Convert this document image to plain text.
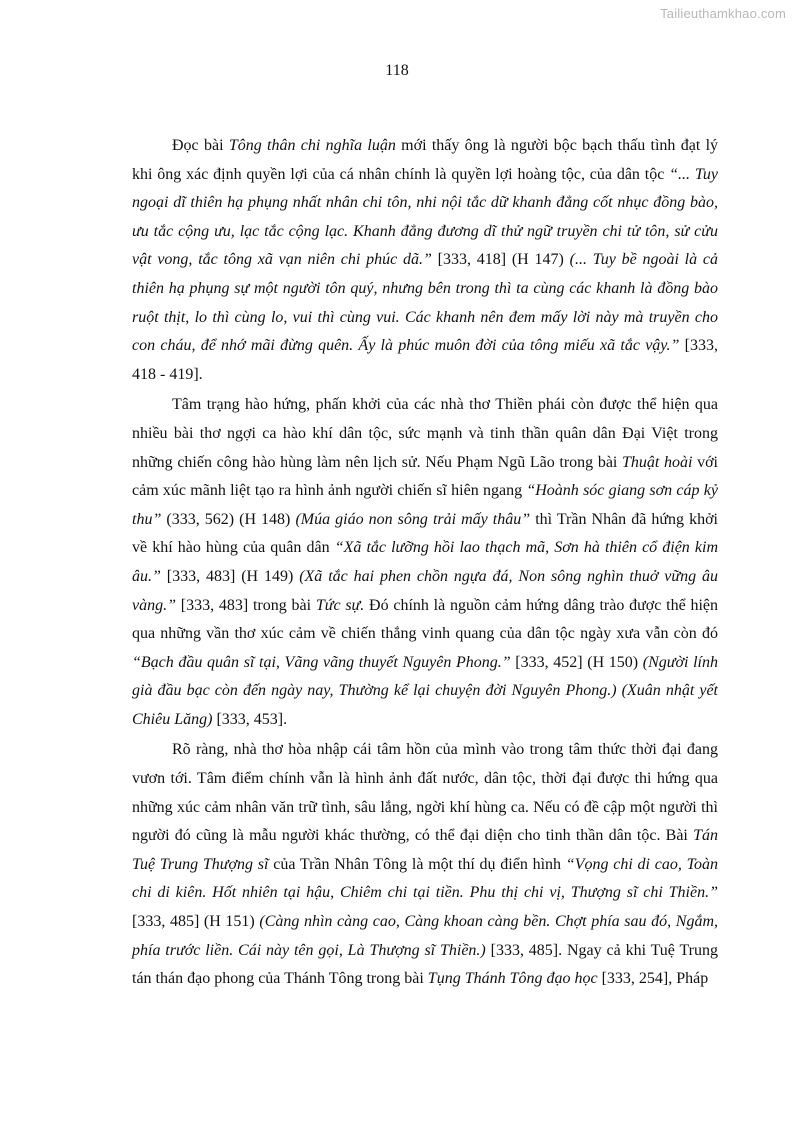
Tailieuthamkhao.com
118

Đọc bài Tông thân chi nghĩa luận mới thấy ông là người bộc bạch thấu tình đạt lý khi ông xác định quyền lợi của cá nhân chính là quyền lợi hoàng tộc, của dân tộc “... Tuy ngoại dĩ thiên hạ phụng nhất nhân chi tôn, nhi nội tắc dữ khanh đẳng cốt nhục đồng bào, ưu tắc cộng ưu, lạc tắc cộng lạc. Khanh đẳng đương dĩ thử ngữ truyền chi tử tôn, sử cửu vật vong, tắc tông xã vạn niên chi phúc dã.” [333, 418] (H 147) (... Tuy bề ngoài là cả thiên hạ phụng sự một người tôn quý, nhưng bên trong thì ta cùng các khanh là đồng bào ruột thịt, lo thì cùng lo, vui thì cùng vui. Các khanh nên đem mấy lời này mà truyền cho con cháu, để nhớ mãi đừng quên. Ấy là phúc muôn đời của tông miếu xã tắc vậy.” [333, 418 - 419].

Tâm trạng hào hứng, phấn khởi của các nhà thơ Thiền phái còn được thể hiện qua nhiều bài thơ ngợi ca hào khí dân tộc, sức mạnh và tinh thần quân dân Đại Việt trong những chiến công hào hùng làm nên lịch sử. Nếu Phạm Ngũ Lão trong bài Thuật hoài với cảm xúc mãnh liệt tạo ra hình ảnh người chiến sĩ hiên ngang “Hoành sóc giang sơn cáp kỷ thu” (333, 562) (H 148) (Múa giáo non sông trải mấy thâu” thì Trần Nhân đã hứng khởi về khí hào hùng của quân dân “Xã tắc lưỡng hồi lao thạch mã, Sơn hà thiên cổ điện kim âu.” [333, 483] (H 149) (Xã tắc hai phen chồn ngựa đá, Non sông nghìn thuở vững âu vàng.” [333, 483] trong bài Tức sự. Đó chính là nguồn cảm hứng dâng trào được thể hiện qua những vần thơ xúc cảm về chiến thắng vinh quang của dân tộc ngày xưa vẫn còn đó “Bạch đầu quân sĩ tại, Vãng vãng thuyết Nguyên Phong.” [333, 452] (H 150) (Người lính già đầu bạc còn đến ngày nay, Thường kể lại chuyện đời Nguyên Phong.) (Xuân nhật yết Chiêu Lăng) [333, 453].

Rõ ràng, nhà thơ hòa nhập cái tâm hồn của mình vào trong tâm thức thời đại đang vươn tới. Tâm điểm chính vẫn là hình ảnh đất nước, dân tộc, thời đại được thi hứng qua những xúc cảm nhân văn trữ tình, sâu lắng, ngời khí hùng ca. Nếu có đề cập một người thì người đó cũng là mẫu người khác thường, có thể đại diện cho tinh thần dân tộc. Bài Tán Tuệ Trung Thượng sĩ của Trần Nhân Tông là một thí dụ điển hình “Vọng chi di cao, Toàn chi di kiên. Hốt nhiên tại hậu, Chiêm chi tại tiền. Phu thị chi vị, Thượng sĩ chi Thiền.” [333, 485] (H 151) (Càng nhìn càng cao, Càng khoan càng bền. Chợt phía sau đó, Ngắm, phía trước liền. Cái này tên gọi, Là Thượng sĩ Thiền.) [333, 485]. Ngay cả khi Tuệ Trung tán thán đạo phong của Thánh Tông trong bài Tụng Thánh Tông đạo học [333, 254], Pháp
